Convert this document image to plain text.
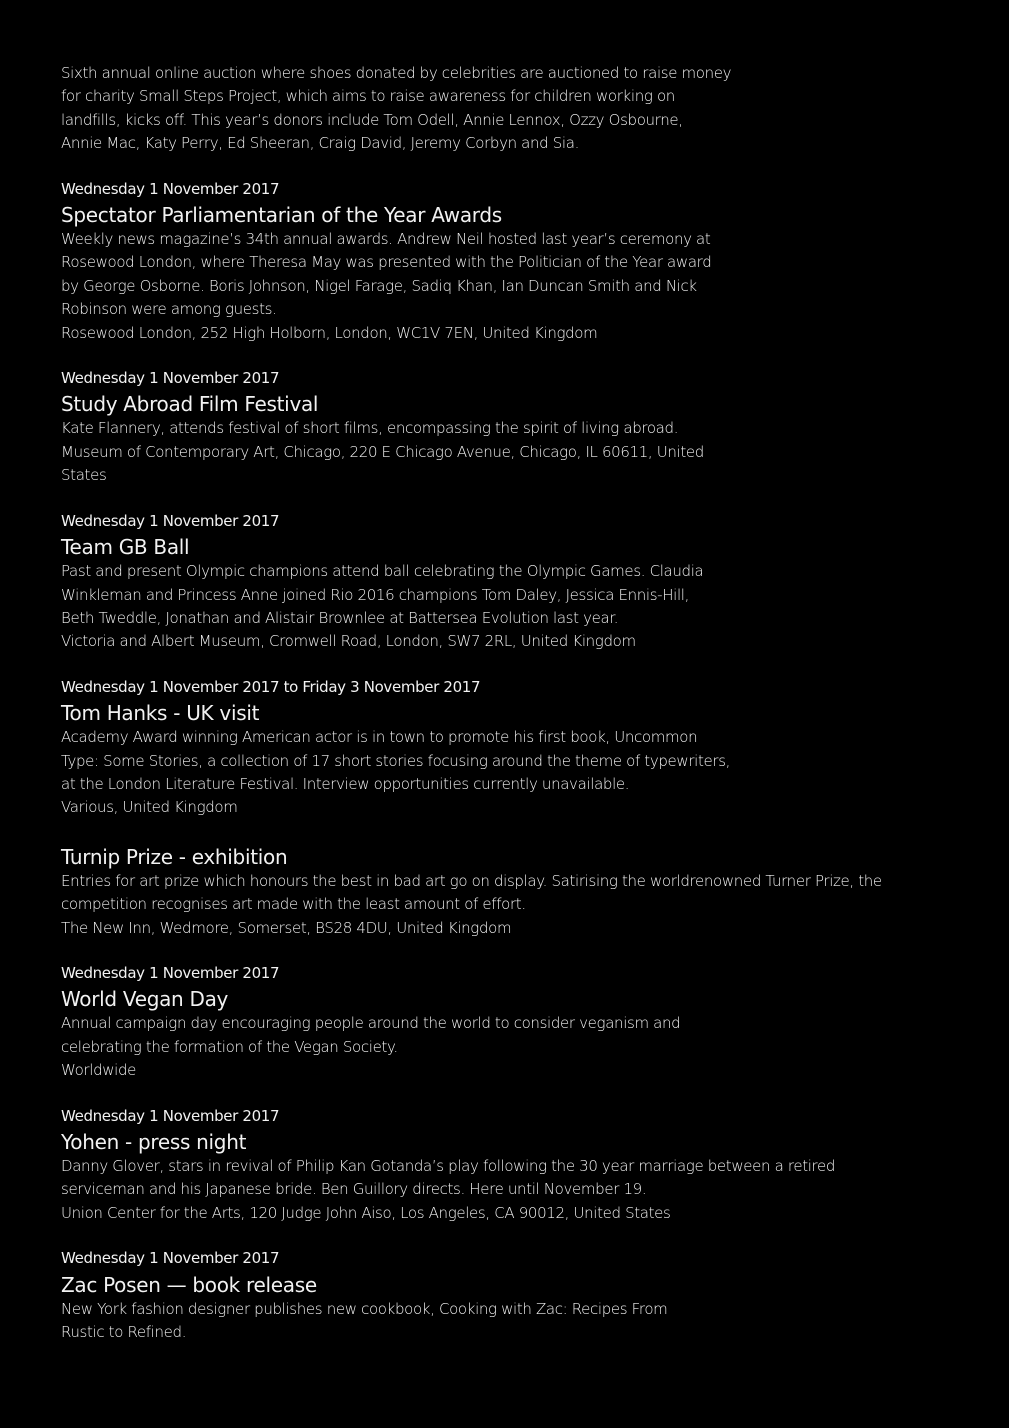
Sixth annual online auction where shoes donated by celebrities are auctioned to raise money
for charity Small Steps Project, which aims to raise awareness for children working on
landfills, kicks off. This year’s donors include Tom Odell, Annie Lennox, Ozzy Osbourne,
Annie Mac, Katy Perry, Ed Sheeran, Craig David, Jeremy Corbyn and Sia.
Wednesday 1 November 2017
Spectator Parliamentarian of the Year Awards
Weekly news magazine’s 34th annual awards. Andrew Neil hosted last year’s ceremony at
Rosewood London, where Theresa May was presented with the Politician of the Year award
by George Osborne. Boris Johnson, Nigel Farage, Sadiq Khan, Ian Duncan Smith and Nick
Robinson were among guests.
Rosewood London, 252 High Holborn, London, WC1V 7EN, United Kingdom
Wednesday 1 November 2017
Study Abroad Film Festival
Kate Flannery, attends festival of short films, encompassing the spirit of living abroad.
Museum of Contemporary Art, Chicago, 220 E Chicago Avenue, Chicago, IL 60611, United
States
Wednesday 1 November 2017
Team GB Ball
Past and present Olympic champions attend ball celebrating the Olympic Games. Claudia
Winkleman and Princess Anne joined Rio 2016 champions Tom Daley, Jessica Ennis-Hill,
Beth Tweddle, Jonathan and Alistair Brownlee at Battersea Evolution last year.
Victoria and Albert Museum, Cromwell Road, London, SW7 2RL, United Kingdom
Wednesday 1 November 2017 to Friday 3 November 2017
Tom Hanks - UK visit
Academy Award winning American actor is in town to promote his first book, Uncommon
Type: Some Stories, a collection of 17 short stories focusing around the theme of typewriters,
at the London Literature Festival. Interview opportunities currently unavailable.
Various, United Kingdom
Turnip Prize - exhibition
Entries for art prize which honours the best in bad art go on display. Satirising the worldrenowned Turner Prize, the
competition recognises art made with the least amount of effort.
The New Inn, Wedmore, Somerset, BS28 4DU, United Kingdom
Wednesday 1 November 2017
World Vegan Day
Annual campaign day encouraging people around the world to consider veganism and
celebrating the formation of the Vegan Society.
Worldwide
Wednesday 1 November 2017
Yohen - press night
Danny Glover, stars in revival of Philip Kan Gotanda’s play following the 30 year marriage between a retired
serviceman and his Japanese bride. Ben Guillory directs. Here until November 19.
Union Center for the Arts, 120 Judge John Aiso, Los Angeles, CA 90012, United States
Wednesday 1 November 2017
Zac Posen — book release
New York fashion designer publishes new cookbook, Cooking with Zac: Recipes From
Rustic to Refined.
